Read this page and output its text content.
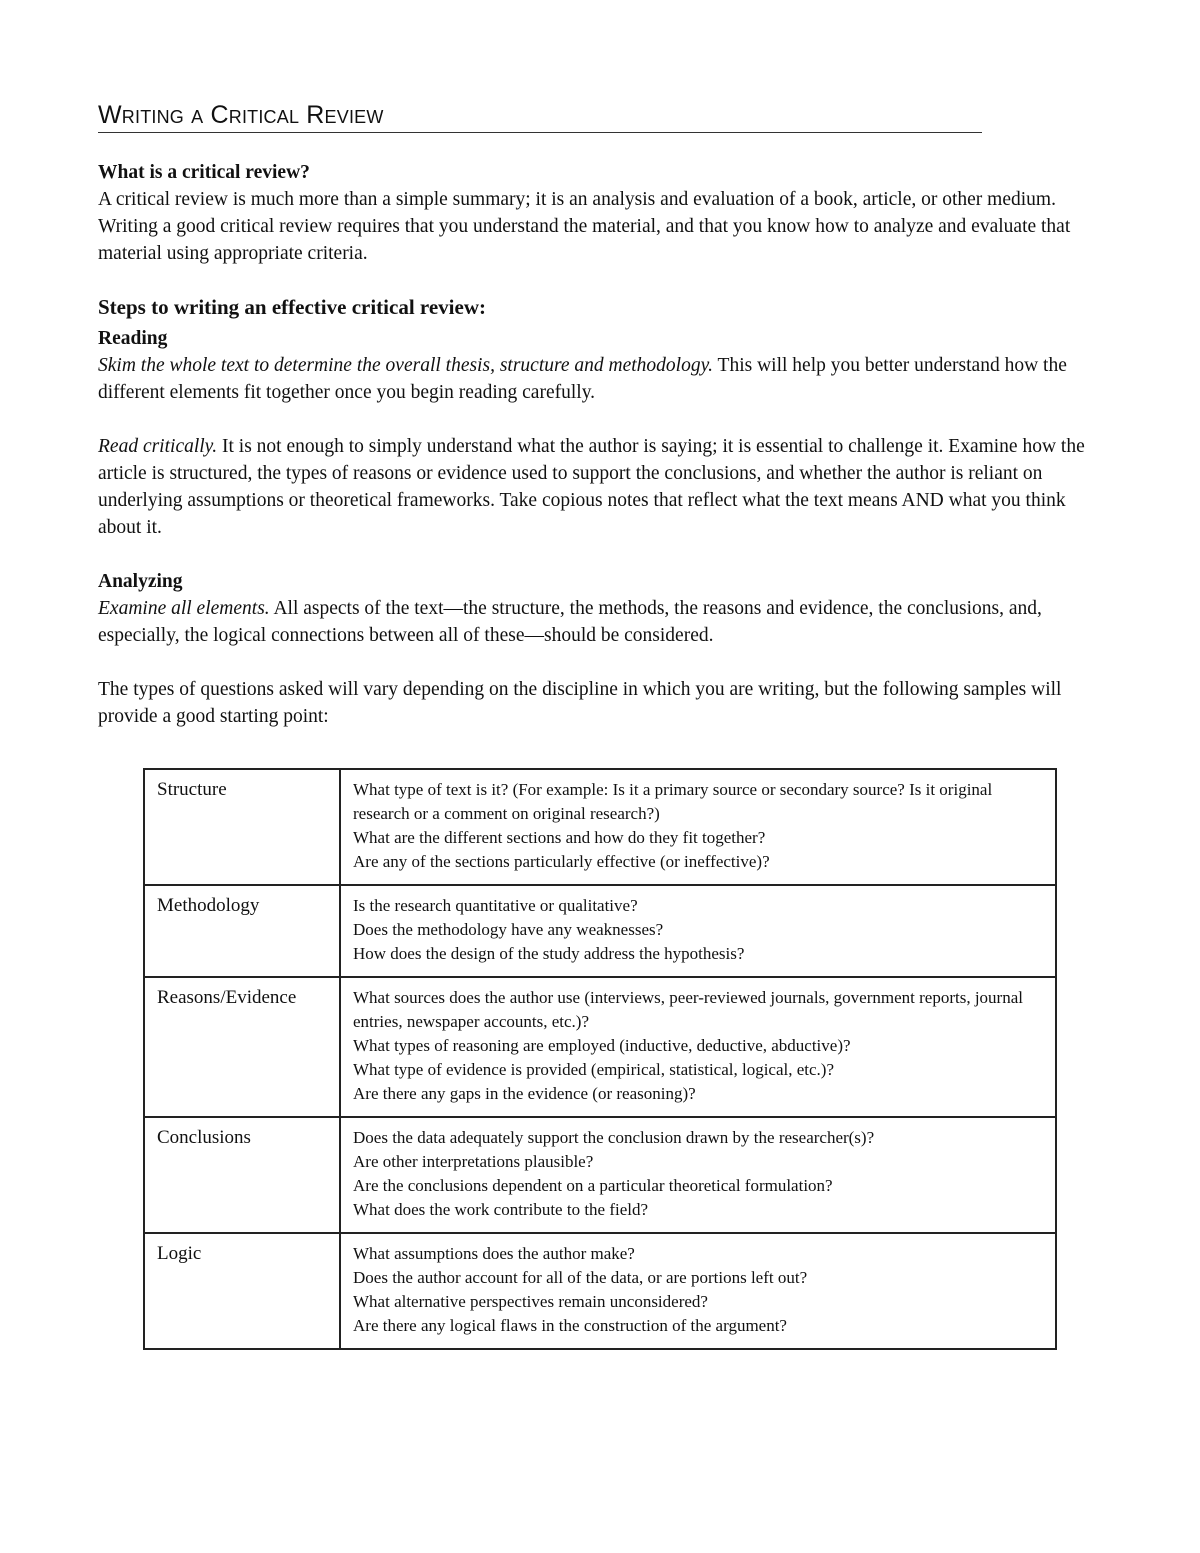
Writing a Critical Review
What is a critical review?

A critical review is much more than a simple summary; it is an analysis and evaluation of a book, article, or other medium. Writing a good critical review requires that you understand the material, and that you know how to analyze and evaluate that material using appropriate criteria.

Steps to writing an effective critical review:
Reading

Skim the whole text to determine the overall thesis, structure and methodology. This will help you better understand how the different elements fit together once you begin reading carefully.

Read critically. It is not enough to simply understand what the author is saying; it is essential to challenge it. Examine how the article is structured, the types of reasons or evidence used to support the conclusions, and whether the author is reliant on underlying assumptions or theoretical frameworks. Take copious notes that reflect what the text means AND what you think about it.

Analyzing

Examine all elements. All aspects of the text—the structure, the methods, the reasons and evidence, the conclusions, and, especially, the logical connections between all of these—should be considered.

The types of questions asked will vary depending on the discipline in which you are writing, but the following samples will provide a good starting point:

Structure	What type of text is it? (For example: Is it a primary source or secondary source? Is it original research or a comment on original research?)
What are the different sections and how do they fit together?
Are any of the sections particularly effective (or ineffective)?

Methodology	Is the research quantitative or qualitative?
Does the methodology have any weaknesses?
How does the design of the study address the hypothesis?

Reasons/Evidence	What sources does the author use (interviews, peer-reviewed journals, government reports, journal entries, newspaper accounts, etc.)?
What types of reasoning are employed (inductive, deductive, abductive)?
What type of evidence is provided (empirical, statistical, logical, etc.)?
Are there any gaps in the evidence (or reasoning)?

Conclusions	Does the data adequately support the conclusion drawn by the researcher(s)?
Are other interpretations plausible?
Are the conclusions dependent on a particular theoretical formulation?
What does the work contribute to the field?

Logic	What assumptions does the author make?
Does the author account for all of the data, or are portions left out?
What alternative perspectives remain unconsidered?
Are there any logical flaws in the construction of the argument?
